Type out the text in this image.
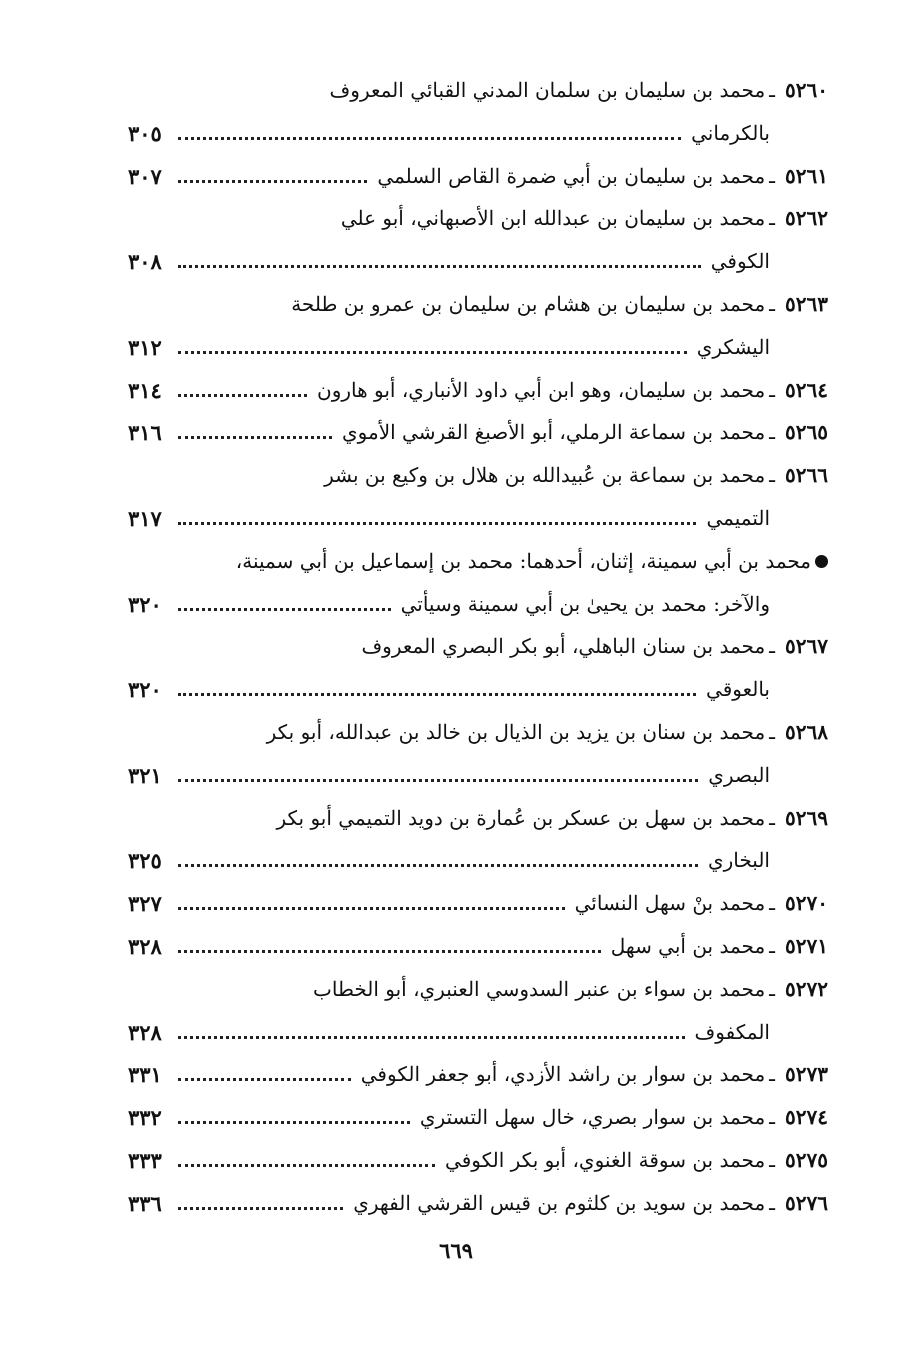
٥٢٦٠
ـ
محمد بن سليمان بن سلمان المدني القبائي المعروف
بالكرماني
٣٠٥
٥٢٦١
ـ
محمد بن سليمان بن أبي ضمرة القاص السلمي
٣٠٧
٥٢٦٢
ـ
محمد بن سليمان بن عبدالله ابن الأصبهاني، أبو علي
الكوفي
٣٠٨
٥٢٦٣
ـ
محمد بن سليمان بن هشام بن سليمان بن عمرو بن طلحة
اليشكري
٣١٢
٥٢٦٤
ـ
محمد بن سليمان، وهو ابن أبي داود الأنباري، أبو هارون
٣١٤
٥٢٦٥
ـ
محمد بن سماعة الرملي، أبو الأصبغ القرشي الأموي
٣١٦
٥٢٦٦
ـ
محمد بن سماعة بن عُبيدالله بن هلال بن وكيع بن بشر
التميمي
٣١٧
محمد بن أبي سمينة، إثنان، أحدهما: محمد بن إسماعيل بن أبي سمينة،
والآخر: محمد بن يحيىٰ بن أبي سمينة وسيأتي
٣٢٠
٥٢٦٧
ـ
محمد بن سنان الباهلي، أبو بكر البصري المعروف
بالعوقي
٣٢٠
٥٢٦٨
ـ
محمد بن سنان بن يزيد بن الذيال بن خالد بن عبدالله، أبو بكر
البصري
٣٢١
٥٢٦٩
ـ
محمد بن سهل بن عسكر بن عُمارة بن دويد التميمي أبو بكر
البخاري
٣٢٥
٥٢٧٠
ـ
محمد بنْ سهل النسائي
٣٢٧
٥٢٧١
ـ
محمد بن أبي سهل
٣٢٨
٥٢٧٢
ـ
محمد بن سواء بن عنبر السدوسي العنبري، أبو الخطاب
المكفوف
٣٢٨
٥٢٧٣
ـ
محمد بن سوار بن راشد الأزدي، أبو جعفر الكوفي
٣٣١
٥٢٧٤
ـ
محمد بن سوار بصري، خال سهل التستري
٣٣٢
٥٢٧٥
ـ
محمد بن سوقة الغنوي، أبو بكر الكوفي
٣٣٣
٥٢٧٦
ـ
محمد بن سويد بن كلثوم بن قيس القرشي الفهري
٣٣٦
٦٦٩
